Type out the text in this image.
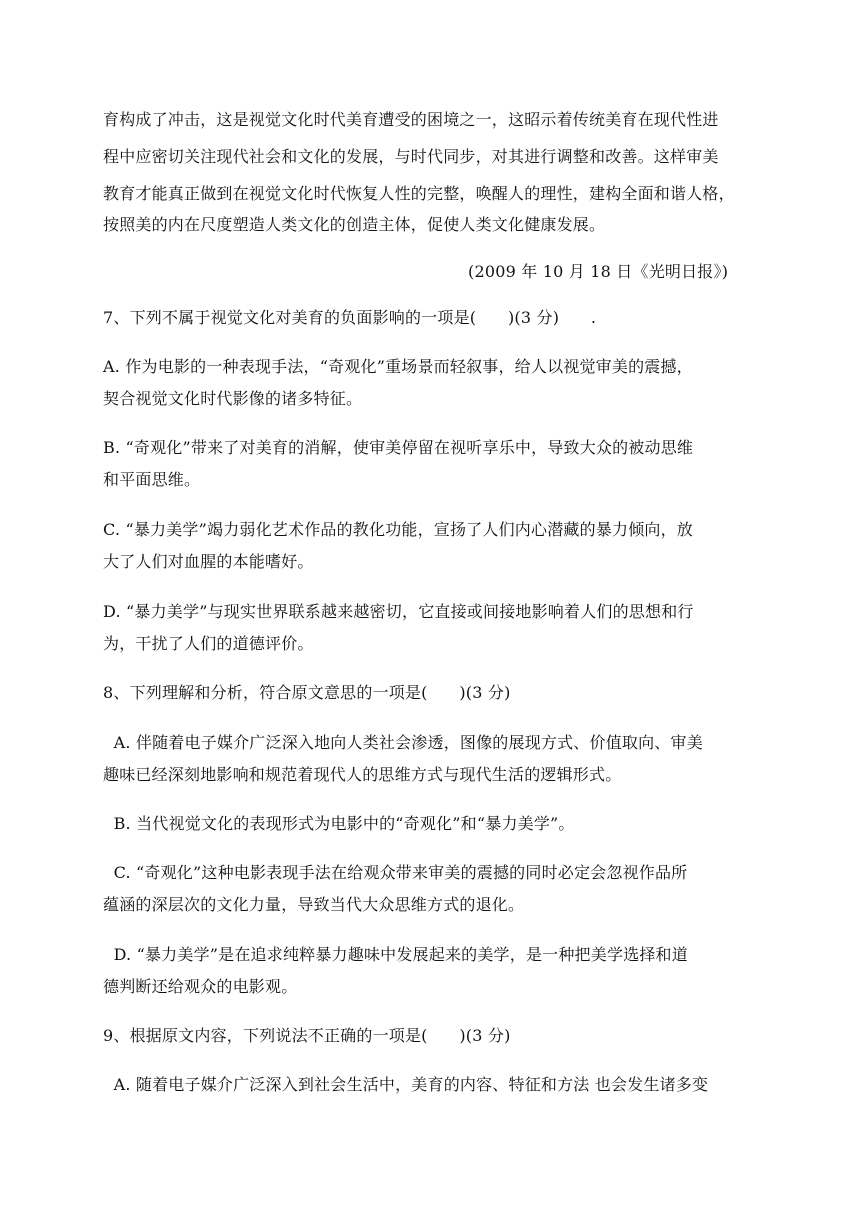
育构成了冲击，这是视觉文化时代美育遭受的困境之一，这昭示着传统美育在现代性进
程中应密切关注现代社会和文化的发展，与时代同步，对其进行调整和改善。这样审美
教育才能真正做到在视觉文化时代恢复人性的完整，唤醒人的理性，建构全面和谐人格，
按照美的内在尺度塑造人类文化的创造主体，促使人类文化健康发展。
(2009 年 10 月 18 日《光明日报》)
7、下列不属于视觉文化对美育的负面影响的一项是(      )(3 分)      .
A. 作为电影的一种表现手法，“奇观化”重场景而轻叙事，给人以视觉审美的震撼，
契合视觉文化时代影像的诸多特征。
B. “奇观化”带来了对美育的消解，使审美停留在视听享乐中，导致大众的被动思维
和平面思维。
C. “暴力美学”竭力弱化艺术作品的教化功能，宣扬了人们内心潜藏的暴力倾向，放
大了人们对血腥的本能嗜好。
D. “暴力美学”与现实世界联系越来越密切，它直接或间接地影响着人们的思想和行
为，干扰了人们的道德评价。
8、下列理解和分析，符合原文意思的一项是(      )(3 分)
A. 伴随着电子媒介广泛深入地向人类社会渗透，图像的展现方式、价值取向、审美
趣味已经深刻地影响和规范着现代人的思维方式与现代生活的逻辑形式。
B. 当代视觉文化的表现形式为电影中的“奇观化”和“暴力美学”。
C. “奇观化”这种电影表现手法在给观众带来审美的震撼的同时必定会忽视作品所
蕴涵的深层次的文化力量，导致当代大众思维方式的退化。
D. “暴力美学”是在追求纯粹暴力趣味中发展起来的美学，是一种把美学选择和道
德判断还给观众的电影观。
9、根据原文内容，下列说法不正确的一项是(      )(3 分)
A. 随着电子媒介广泛深入到社会生活中，美育的内容、特征和方法 也会发生诸多变
